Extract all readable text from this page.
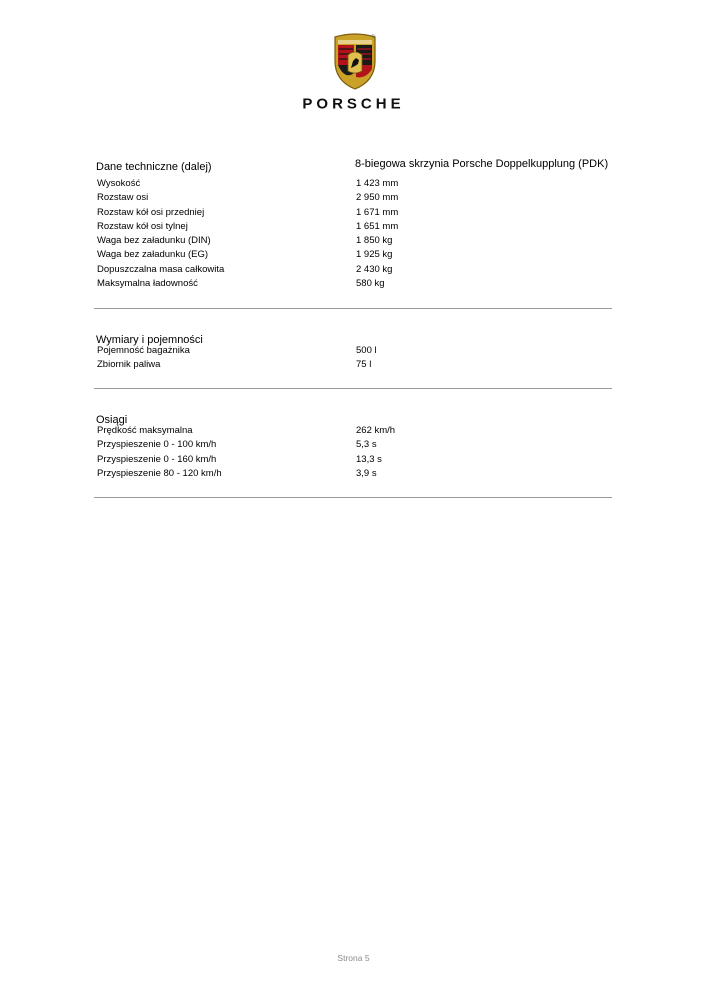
PORSCHE
Dane techniczne (dalej)	8-biegowa skrzynia Porsche Doppelkupplung (PDK)
Wysokość	1 423 mm
Rozstaw osi	2 950 mm
Rozstaw kół osi przedniej	1 671 mm
Rozstaw kół osi tylnej	1 651 mm
Waga bez załadunku (DIN)	1 850 kg
Waga bez załadunku (EG)	1 925 kg
Dopuszczalna masa całkowita	2 430 kg
Maksymalna ładowność	580 kg
Wymiary i pojemności
Pojemność bagażnika	500 l
Zbiornik paliwa	75 l
Osiągi
Prędkość maksymalna	262 km/h
Przyspieszenie 0 - 100 km/h	5,3 s
Przyspieszenie 0 - 160 km/h	13,3 s
Przyspieszenie 80 - 120 km/h	3,9 s
Strona 5
